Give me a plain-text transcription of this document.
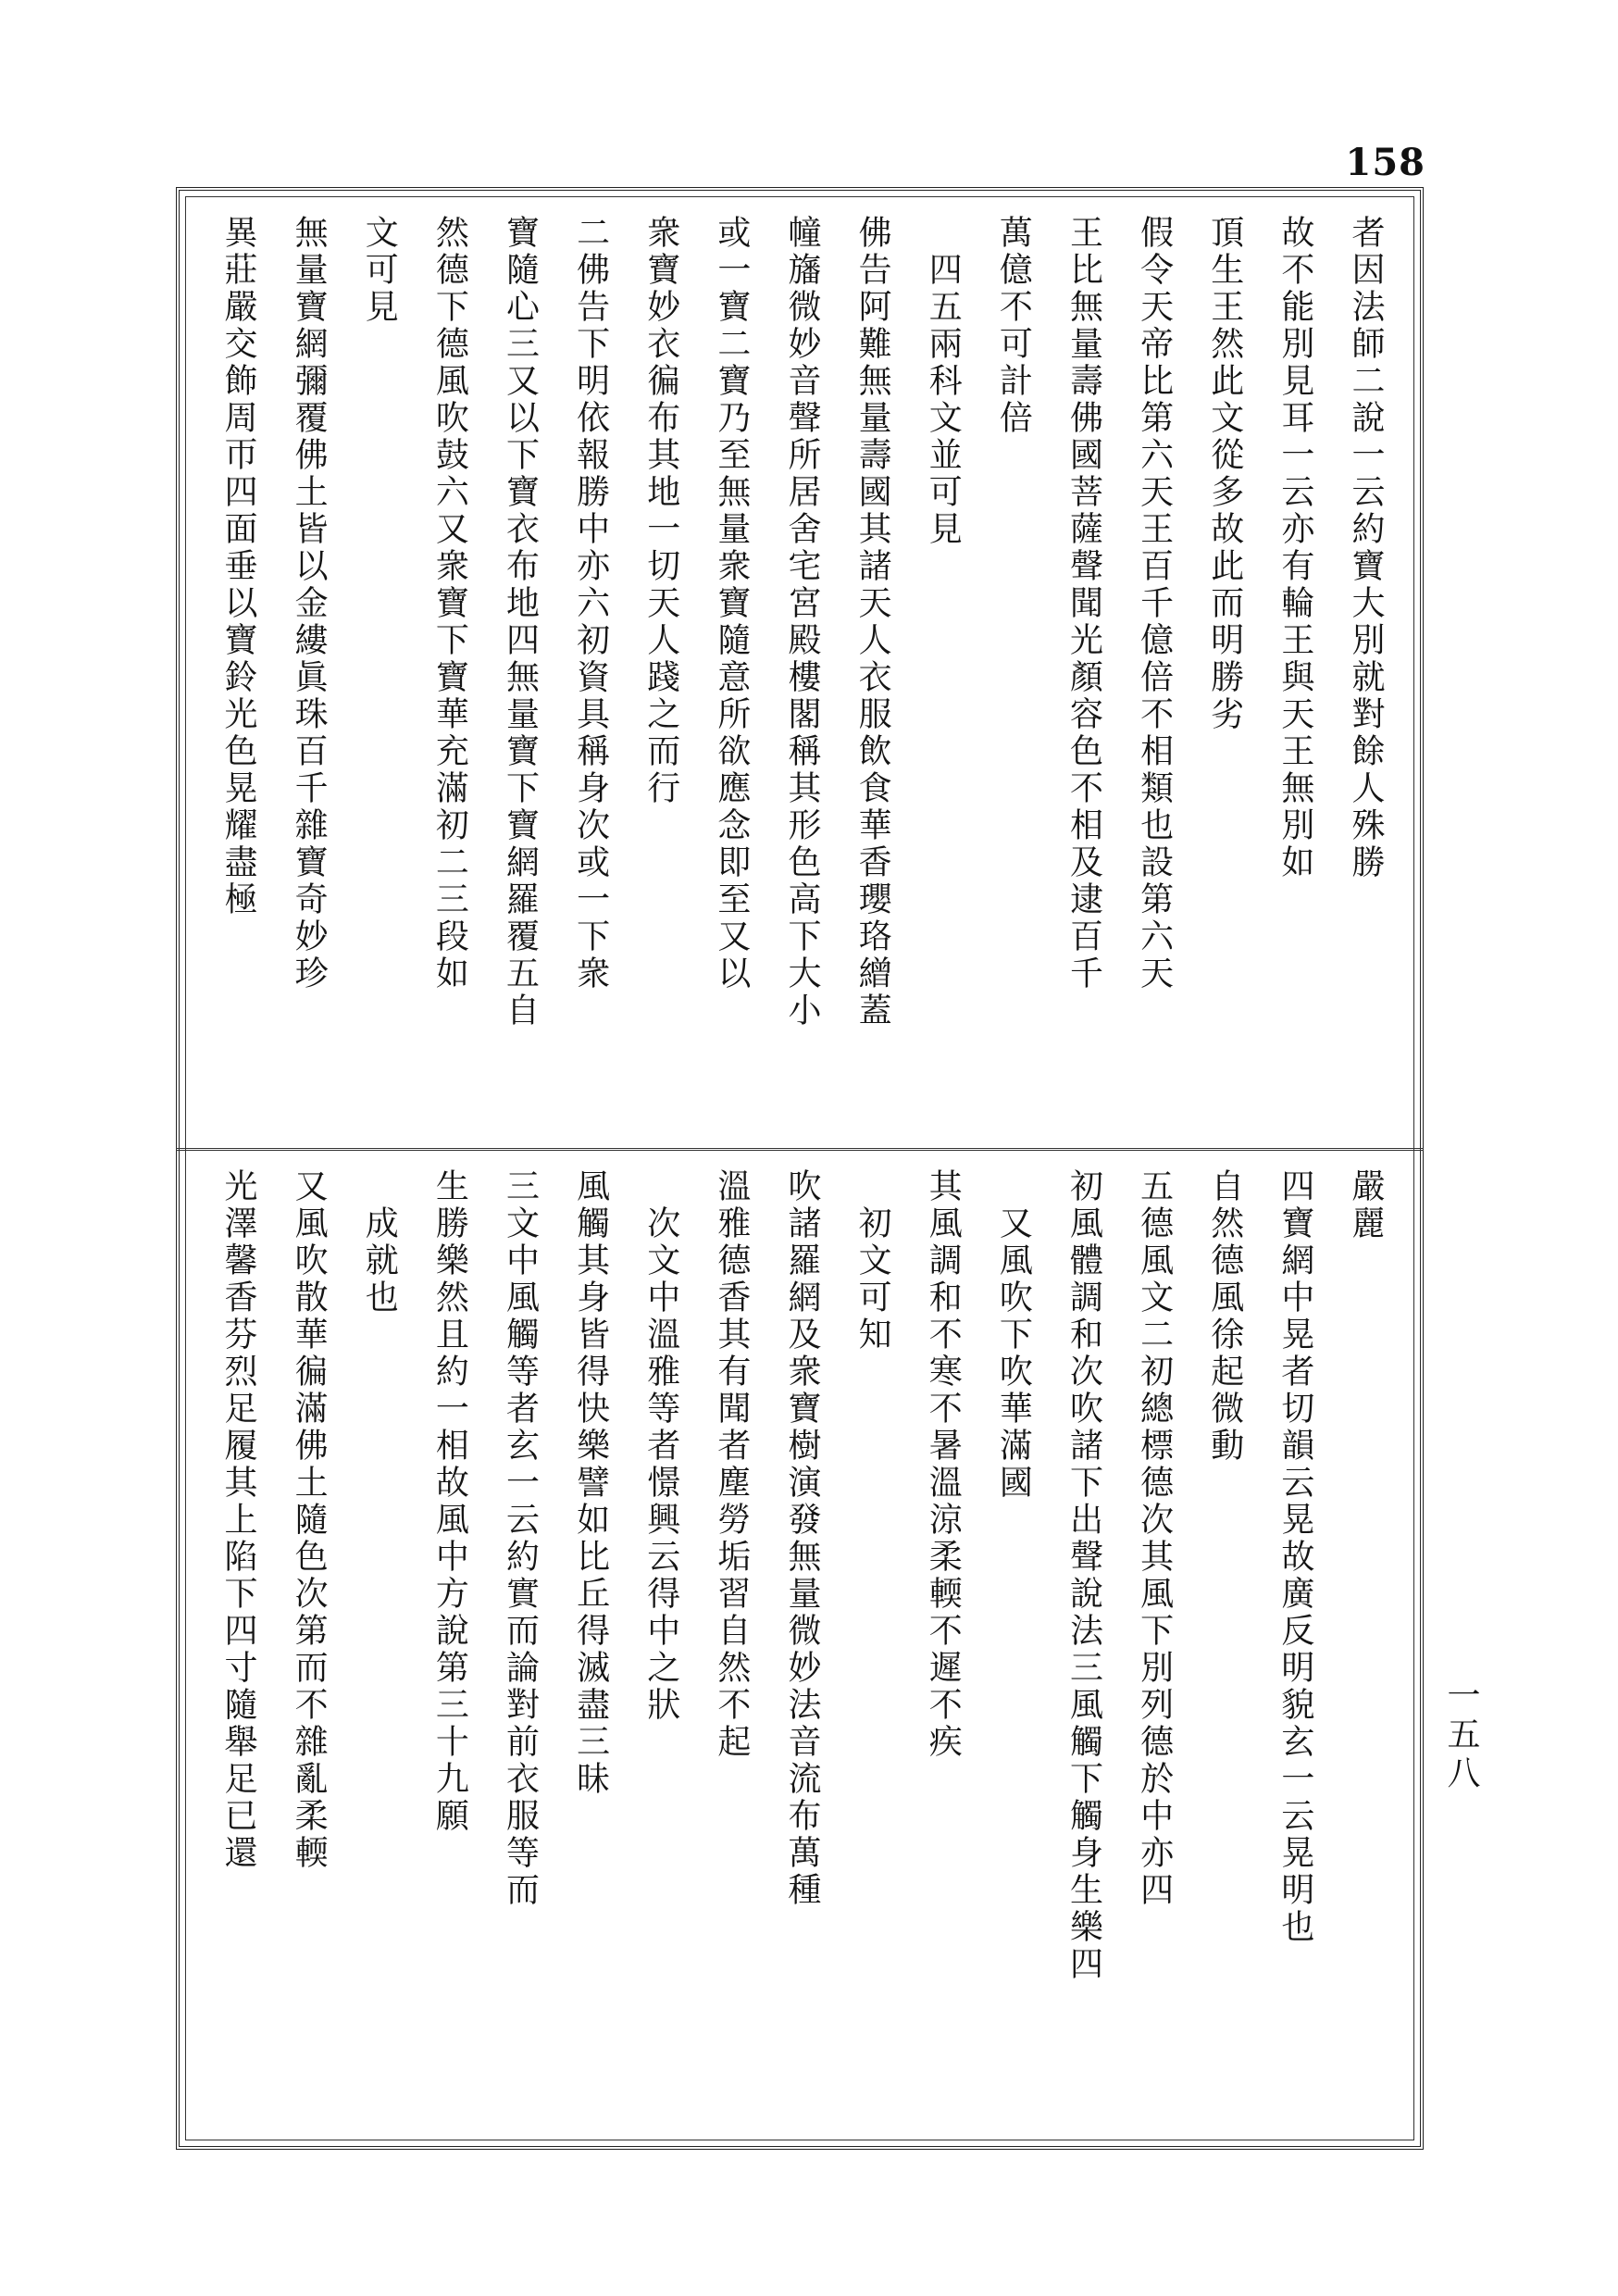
158
者因法師二說一云約寶大別就對餘人殊勝
故不能別見耳一云亦有輪王與天王無別如
頂生王然此文從多故此而明勝劣
假令天帝比第六天王百千億倍不相類也設第六天
王比無量壽佛國菩薩聲聞光顏容色不相及逮百千
萬億不可計倍
四五兩科文並可見
佛告阿難無量壽國其諸天人衣服飲食華香瓔珞繒蓋
幢旛微妙音聲所居舍宅宮殿樓閣稱其形色高下大小
或一寶二寶乃至無量衆寶隨意所欲應念即至又以
衆寶妙衣徧布其地一切天人踐之而行
二佛告下明依報勝中亦六初資具稱身次或一下衆
寶隨心三又以下寶衣布地四無量寶下寶網羅覆五自
然德下德風吹鼓六又衆寶下寶華充滿初二三段如
文可見
無量寶網彌覆佛土皆以金縷眞珠百千雜寶奇妙珍
異莊嚴交飾周帀四面垂以寶鈴光色晃耀盡極
嚴麗
四寶網中晃者切韻云晃故廣反明貌玄一云晃明也
自然德風徐起微動
五德風文二初總標德次其風下別列德於中亦四
初風體調和次吹諸下出聲說法三風觸下觸身生樂四
又風吹下吹華滿國
其風調和不寒不暑溫涼柔輭不遲不疾
初文可知
吹諸羅網及衆寶樹演發無量微妙法音流布萬種
溫雅德香其有聞者塵勞垢習自然不起
次文中溫雅等者憬興云得中之狀
風觸其身皆得快樂譬如比丘得滅盡三昧
三文中風觸等者玄一云約實而論對前衣服等而
生勝樂然且約一相故風中方說第三十九願
成就也
又風吹散華徧滿佛土隨色次第而不雜亂柔輭
光澤馨香芬烈足履其上陷下四寸隨舉足已還	一五八
